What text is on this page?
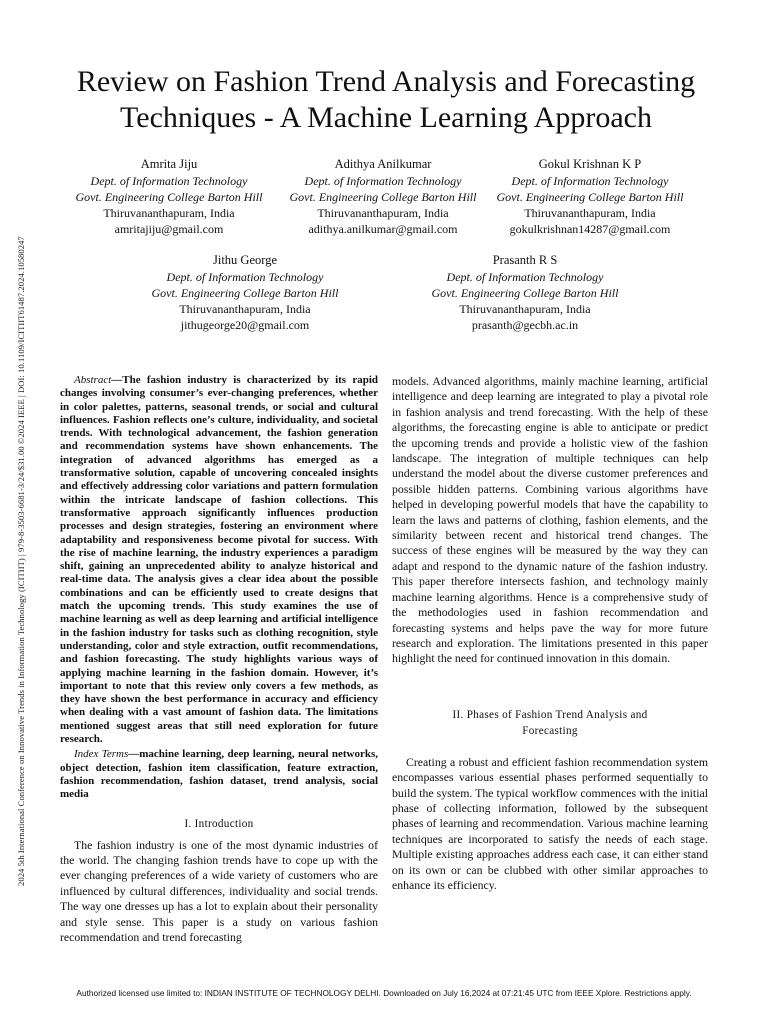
2024 5th International Conference on Innovative Trends in Information Technology (ICITIIT) | 979-8-3503-6681-3/24/$31.00 ©2024 IEEE | DOI: 10.1109/ICITIIT61487.2024.10580247
Review on Fashion Trend Analysis and Forecasting
Techniques - A Machine Learning Approach
Amrita Jiju
Dept. of Information Technology
Govt. Engineering College Barton Hill
Thiruvananthapuram, India
amritajiju@gmail.com
Adithya Anilkumar
Dept. of Information Technology
Govt. Engineering College Barton Hill
Thiruvananthapuram, India
adithya.anilkumar@gmail.com
Gokul Krishnan K P
Dept. of Information Technology
Govt. Engineering College Barton Hill
Thiruvananthapuram, India
gokulkrishnan14287@gmail.com
Jithu George
Dept. of Information Technology
Govt. Engineering College Barton Hill
Thiruvananthapuram, India
jithugeorge20@gmail.com
Prasanth R S
Dept. of Information Technology
Govt. Engineering College Barton Hill
Thiruvananthapuram, India
prasanth@gecbh.ac.in

Abstract—The fashion industry is characterized by its rapid changes involving consumer’s ever-changing preferences, whether in color palettes, patterns, seasonal trends, or social and cultural influences. Fashion reflects one’s culture, individuality, and societal trends. With technological advancement, the fashion generation and recommendation systems have shown enhancements. The integration of advanced algorithms has emerged as a transformative solution, capable of uncovering concealed insights and effectively addressing color variations and pattern formulation within the intricate landscape of fashion collections. This transformative approach significantly influences production processes and design strategies, fostering an environment where adaptability and responsiveness become pivotal for success. With the rise of machine learning, the industry experiences a paradigm shift, gaining an unprecedented ability to analyze historical and real-time data. The analysis gives a clear idea about the possible combinations and can be efficiently used to create designs that match the upcoming trends. This study examines the use of machine learning as well as deep learning and artificial intelligence in the fashion industry for tasks such as clothing recognition, style understanding, color and style extraction, outfit recommendations, and fashion forecasting. The study highlights various ways of applying machine learning in the fashion domain. However, it’s important to note that this review only covers a few methods, as they have shown the best performance in accuracy and efficiency when dealing with a vast amount of fashion data. The limitations mentioned suggest areas that still need exploration for future research.

Index Terms—machine learning, deep learning, neural networks, object detection, fashion item classification, feature extraction, fashion recommendation, fashion dataset, trend analysis, social media

I. Introduction

The fashion industry is one of the most dynamic industries of the world. The changing fashion trends have to cope up with the ever changing preferences of a wide variety of customers who are influenced by cultural differences, individuality and social trends. The way one dresses up has a lot to explain about their personality and style sense. This paper is a study on various fashion recommendation and trend forecasting

models. Advanced algorithms, mainly machine learning, artificial intelligence and deep learning are integrated to play a pivotal role in fashion analysis and trend forecasting. With the help of these algorithms, the forecasting engine is able to anticipate or predict the upcoming trends and provide a holistic view of the fashion landscape. The integration of multiple techniques can help understand the model about the diverse customer preferences and possible hidden patterns. Combining various algorithms have helped in developing powerful models that have the capability to learn the laws and patterns of clothing, fashion elements, and the similarity between recent and historical trend changes. The success of these engines will be measured by the way they can adapt and respond to the dynamic nature of the fashion industry. This paper therefore intersects fashion, and technology mainly machine learning algorithms. Hence is a comprehensive study of the methodologies used in fashion recommendation and forecasting systems and helps pave the way for more future research and exploration. The limitations presented in this paper highlight the need for continued innovation in this domain.

II. Phases of Fashion Trend Analysis and
Forecasting

Creating a robust and efficient fashion recommendation system encompasses various essential phases performed sequentially to build the system. The typical workflow commences with the initial phase of collecting information, followed by the subsequent phases of learning and recommendation. Various machine learning techniques are incorporated to satisfy the needs of each stage. Multiple existing approaches address each case, it can either stand on its own or can be clubbed with other similar approaches to enhance its efficiency.

Authorized licensed use limited to: INDIAN INSTITUTE OF TECHNOLOGY DELHI. Downloaded on July 16,2024 at 07:21:45 UTC from IEEE Xplore. Restrictions apply.
